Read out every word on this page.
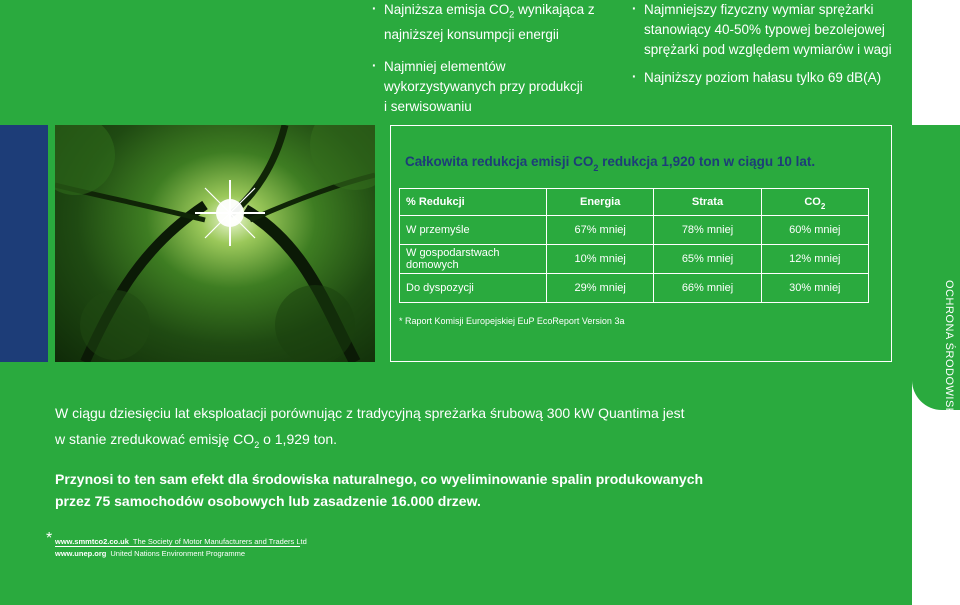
OCHRONA ŚRODOWISKA
· Najniższa emisja $CO_2$ wynikająca z
najniższej konsumpcji energii
· Najmniej elementów
wykorzystywanych przy produkcji
i serwisowaniu
· Najmniejszy fizyczny wymiar sprężarki
stanowiący 40-50% typowej bezolejowej
sprężarki pod względem wymiarów i wagi
· Najniższy poziom hałasu tylko 69 dB(A)
Całkowita redukcja emisji $CO_2$ redukcja 1,920 ton w ciągu 10 lat.
% Redukcji	Energia	Strata	$CO_2$
W przemyśle	67% mniej	78% mniej	60% mniej
W gospodarstwach domowych	10% mniej	65% mniej	12% mniej
Do dyspozycji	29% mniej	66% mniej	30% mniej
* Raport Komisji Europejskiej EuP EcoReport Version 3a
W ciągu dziesięciu lat eksploatacji porównując z tradycyjną spreżarka śrubową 300 kW Quantima jest
w stanie zredukować emisję $CO_2$ o 1,929 ton.
Przynosi to ten sam efekt dla środowiska naturalnego, co wyeliminowanie spalin produkowanych
przez 75 samochodów osobowych lub zasadzenie 16.000 drzew.
* www.smmtco2.co.uk The Society of Motor Manufacturers and Traders Ltd
www.unep.org United Nations Environment Programme
